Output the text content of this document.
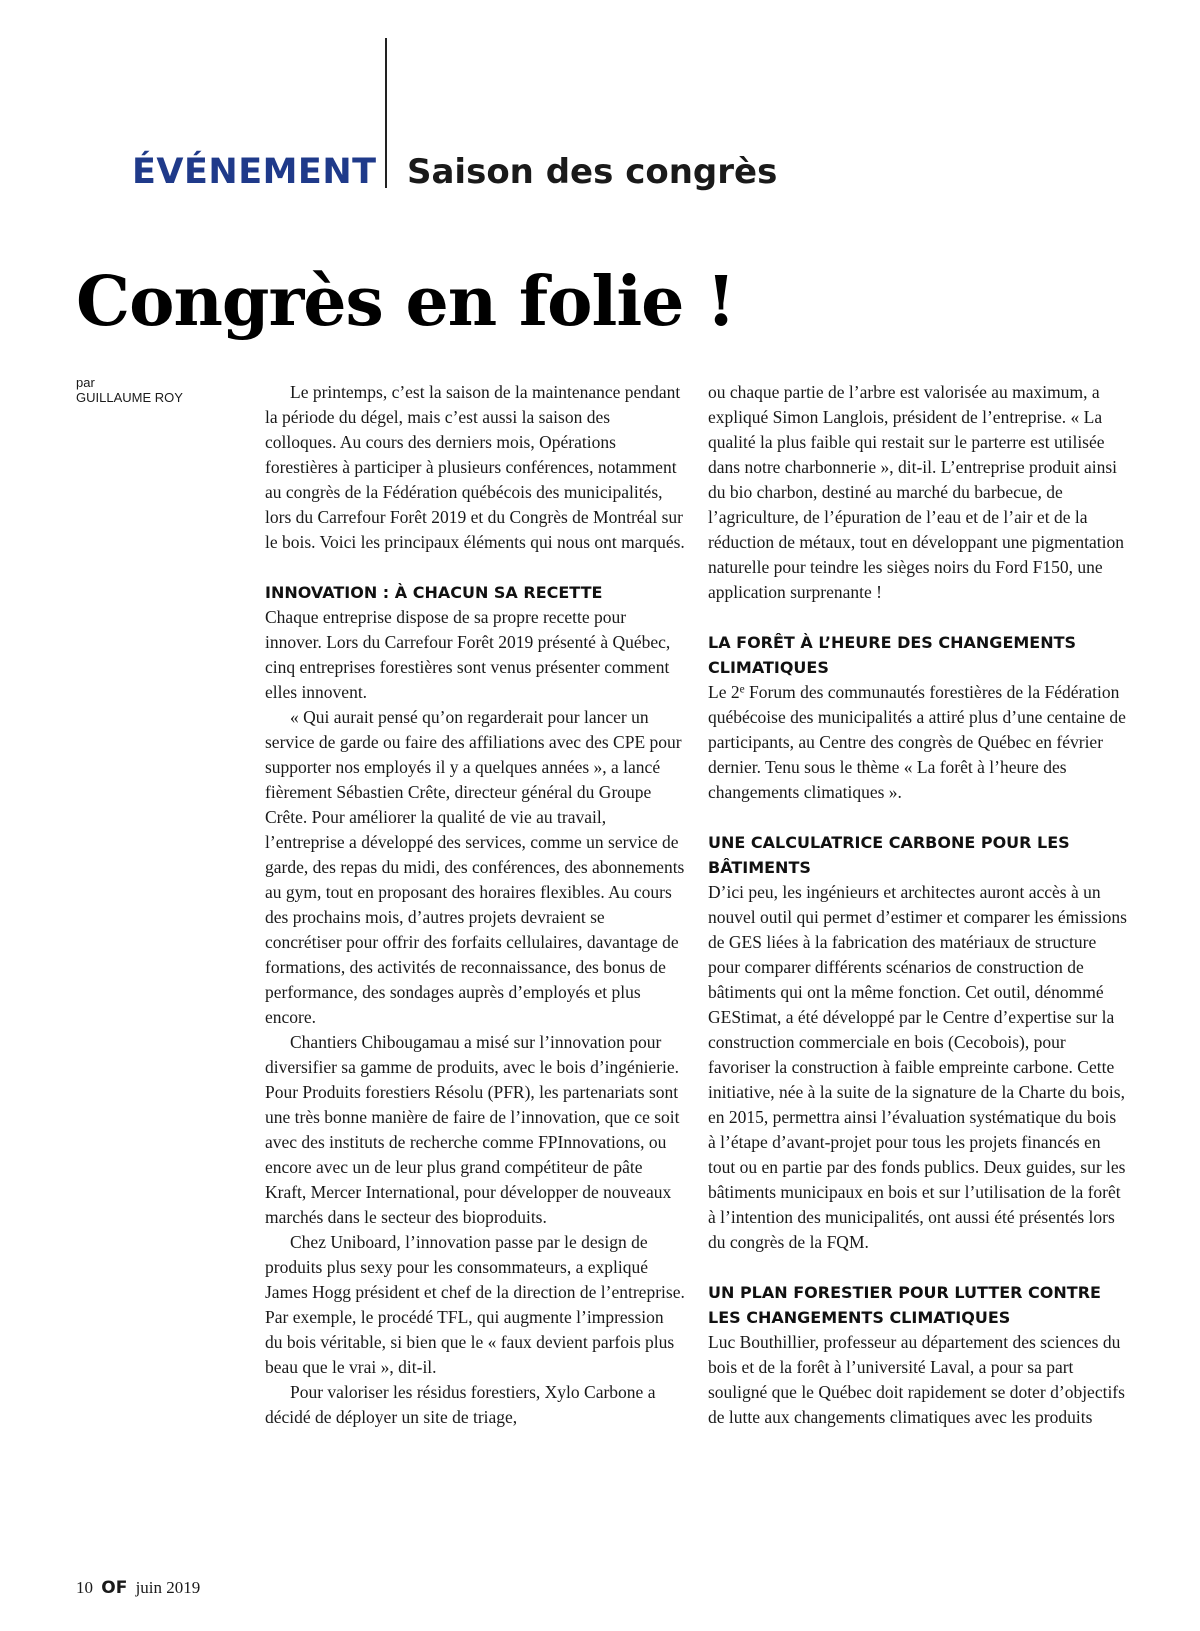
ÉVÉNEMENT Saison des congrès
Congrès en folie !
par
GUILLAUME ROY	Le printemps, c’est la saison de la maintenance pendant la période du dégel, mais c’est aussi la saison des colloques. Au cours des derniers mois, Opérations forestières à participer à plusieurs conférences, notamment au congrès de la Fédération québécois des municipalités, lors du Carrefour Forêt 2019 et du Congrès de Montréal sur le bois. Voici les principaux éléments qui nous ont marqués.

INNOVATION : À CHACUN SA RECETTE

Chaque entreprise dispose de sa propre recette pour innover. Lors du Carrefour Forêt 2019 présenté à Québec, cinq entreprises forestières sont venus présenter comment elles innovent.

« Qui aurait pensé qu’on regarderait pour lancer un service de garde ou faire des affiliations avec des CPE pour supporter nos employés il y a quelques années », a lancé fièrement Sébastien Crête, directeur général du Groupe Crête. Pour améliorer la qualité de vie au travail, l’entreprise a développé des services, comme un service de garde, des repas du midi, des conférences, des abonnements au gym, tout en proposant des horaires flexibles. Au cours des prochains mois, d’autres projets devraient se concrétiser pour offrir des forfaits cellulaires, davantage de formations, des activités de reconnaissance, des bonus de performance, des sondages auprès d’employés et plus encore.

Chantiers Chibougamau a misé sur l’innovation pour diversifier sa gamme de produits, avec le bois d’ingénierie. Pour Produits forestiers Résolu (PFR), les partenariats sont une très bonne manière de faire de l’innovation, que ce soit avec des instituts de recherche comme FPInnovations, ou encore avec un de leur plus grand compétiteur de pâte Kraft, Mercer International, pour développer de nouveaux marchés dans le secteur des bioproduits.

Chez Uniboard, l’innovation passe par le design de produits plus sexy pour les consommateurs, a expliqué James Hogg président et chef de la direction de l’entreprise. Par exemple, le procédé TFL, qui augmente l’impression du bois véritable, si bien que le « faux devient parfois plus beau que le vrai », dit-il.

Pour valoriser les résidus forestiers, Xylo Carbone a décidé de déployer un site de triage,

ou chaque partie de l’arbre est valorisée au maximum, a expliqué Simon Langlois, président de l’entreprise. « La qualité la plus faible qui restait sur le parterre est utilisée dans notre charbonnerie », dit-il. L’entreprise produit ainsi du bio charbon, destiné au marché du barbecue, de l’agriculture, de l’épuration de l’eau et de l’air et de la réduction de métaux, tout en développant une pigmentation naturelle pour teindre les sièges noirs du Ford F150, une application surprenante !

LA FORÊT À L’HEURE DES CHANGEMENTS CLIMATIQUES

Le 2e Forum des communautés forestières de la Fédération québécoise des municipalités a attiré plus d’une centaine de participants, au Centre des congrès de Québec en février dernier. Tenu sous le thème « La forêt à l’heure des changements climatiques ».

UNE CALCULATRICE CARBONE POUR LES BÂTIMENTS

D’ici peu, les ingénieurs et architectes auront accès à un nouvel outil qui permet d’estimer et comparer les émissions de GES liées à la fabrication des matériaux de structure pour comparer différents scénarios de construction de bâtiments qui ont la même fonction. Cet outil, dénommé GEStimat, a été développé par le Centre d’expertise sur la construction commerciale en bois (Cecobois), pour favoriser la construction à faible empreinte carbone. Cette initiative, née à la suite de la signature de la Charte du bois, en 2015, permettra ainsi l’évaluation systématique du bois à l’étape d’avant-projet pour tous les projets financés en tout ou en partie par des fonds publics. Deux guides, sur les bâtiments municipaux en bois et sur l’utilisation de la forêt à l’intention des municipalités, ont aussi été présentés lors du congrès de la FQM.

UN PLAN FORESTIER POUR LUTTER CONTRE LES CHANGEMENTS CLIMATIQUES

Luc Bouthillier, professeur au département des sciences du bois et de la forêt à l’université Laval, a pour sa part souligné que le Québec doit rapidement se doter d’objectifs de lutte aux changements climatiques avec les produits

10 OF juin 2019
